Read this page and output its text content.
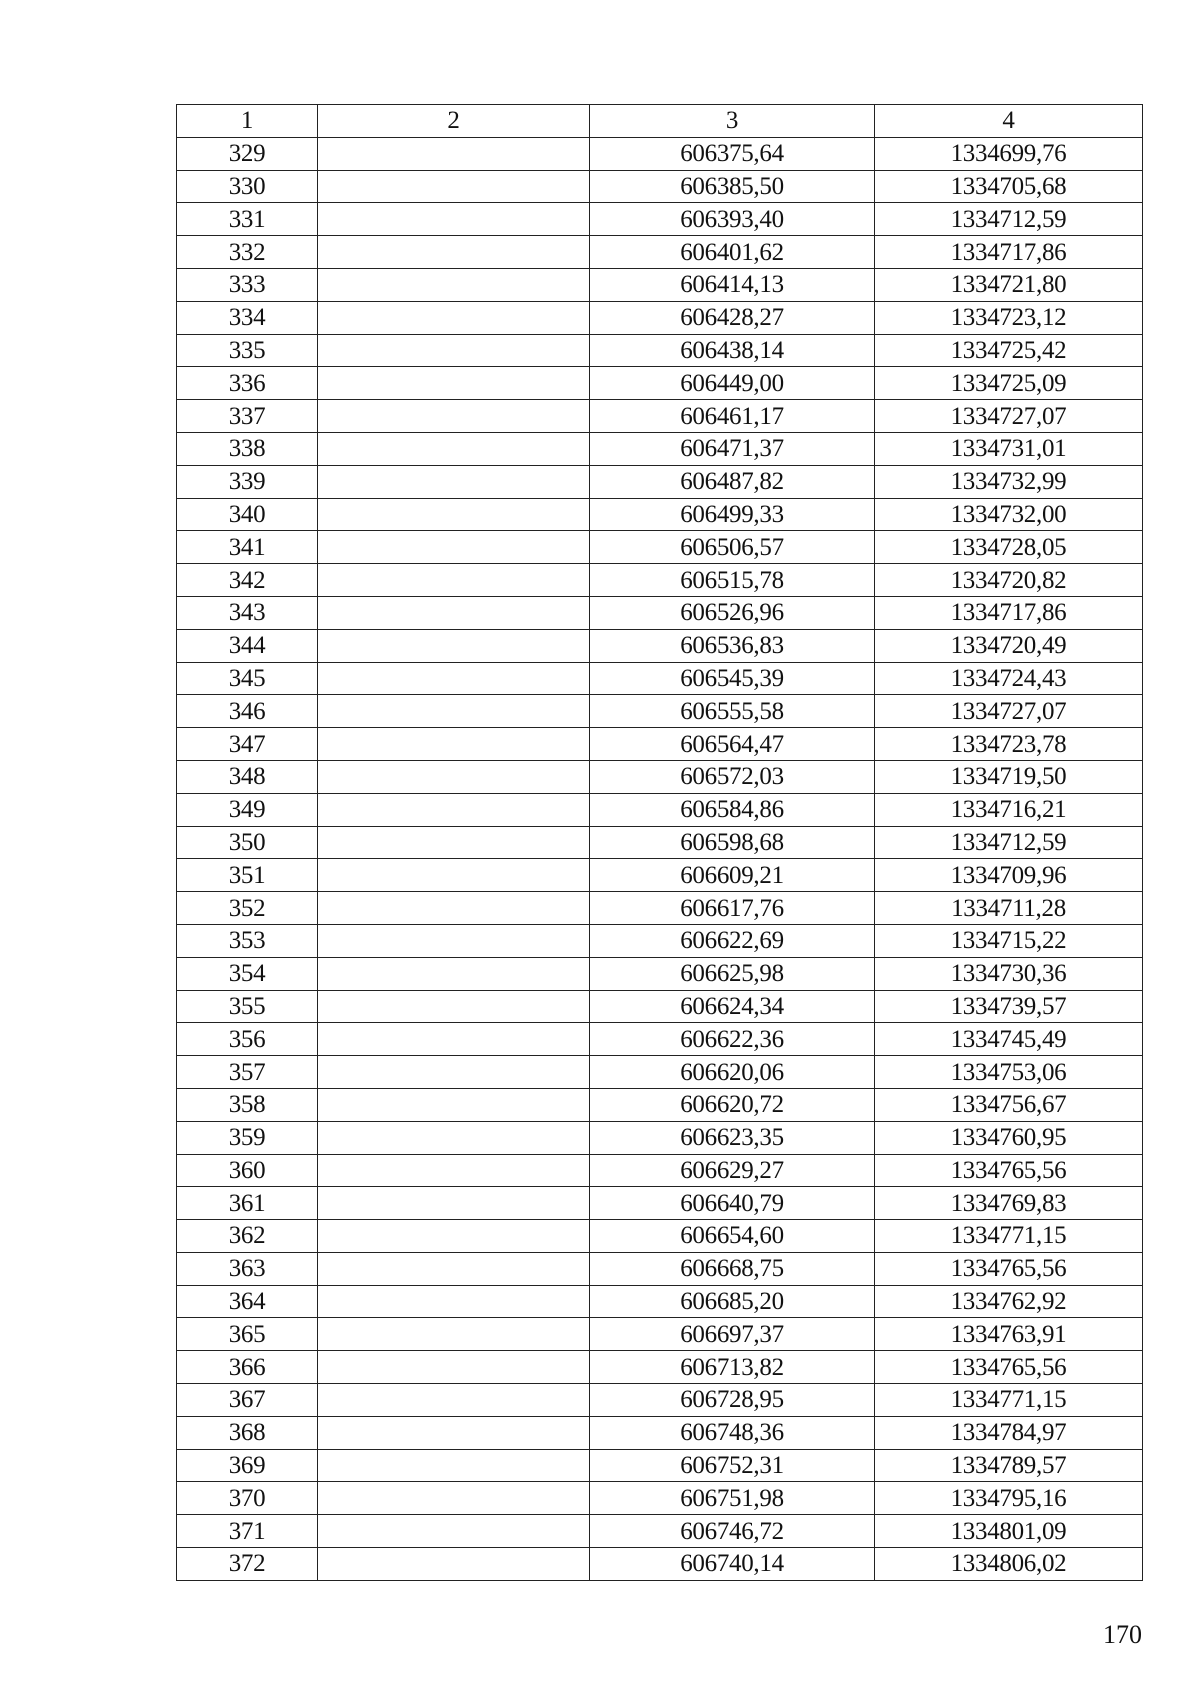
1	2	3	4
329		606375,64	1334699,76
330		606385,50	1334705,68
331		606393,40	1334712,59
332		606401,62	1334717,86
333		606414,13	1334721,80
334		606428,27	1334723,12
335		606438,14	1334725,42
336		606449,00	1334725,09
337		606461,17	1334727,07
338		606471,37	1334731,01
339		606487,82	1334732,99
340		606499,33	1334732,00
341		606506,57	1334728,05
342		606515,78	1334720,82
343		606526,96	1334717,86
344		606536,83	1334720,49
345		606545,39	1334724,43
346		606555,58	1334727,07
347		606564,47	1334723,78
348		606572,03	1334719,50
349		606584,86	1334716,21
350		606598,68	1334712,59
351		606609,21	1334709,96
352		606617,76	1334711,28
353		606622,69	1334715,22
354		606625,98	1334730,36
355		606624,34	1334739,57
356		606622,36	1334745,49
357		606620,06	1334753,06
358		606620,72	1334756,67
359		606623,35	1334760,95
360		606629,27	1334765,56
361		606640,79	1334769,83
362		606654,60	1334771,15
363		606668,75	1334765,56
364		606685,20	1334762,92
365		606697,37	1334763,91
366		606713,82	1334765,56
367		606728,95	1334771,15
368		606748,36	1334784,97
369		606752,31	1334789,57
370		606751,98	1334795,16
371		606746,72	1334801,09
372		606740,14	1334806,02
170
